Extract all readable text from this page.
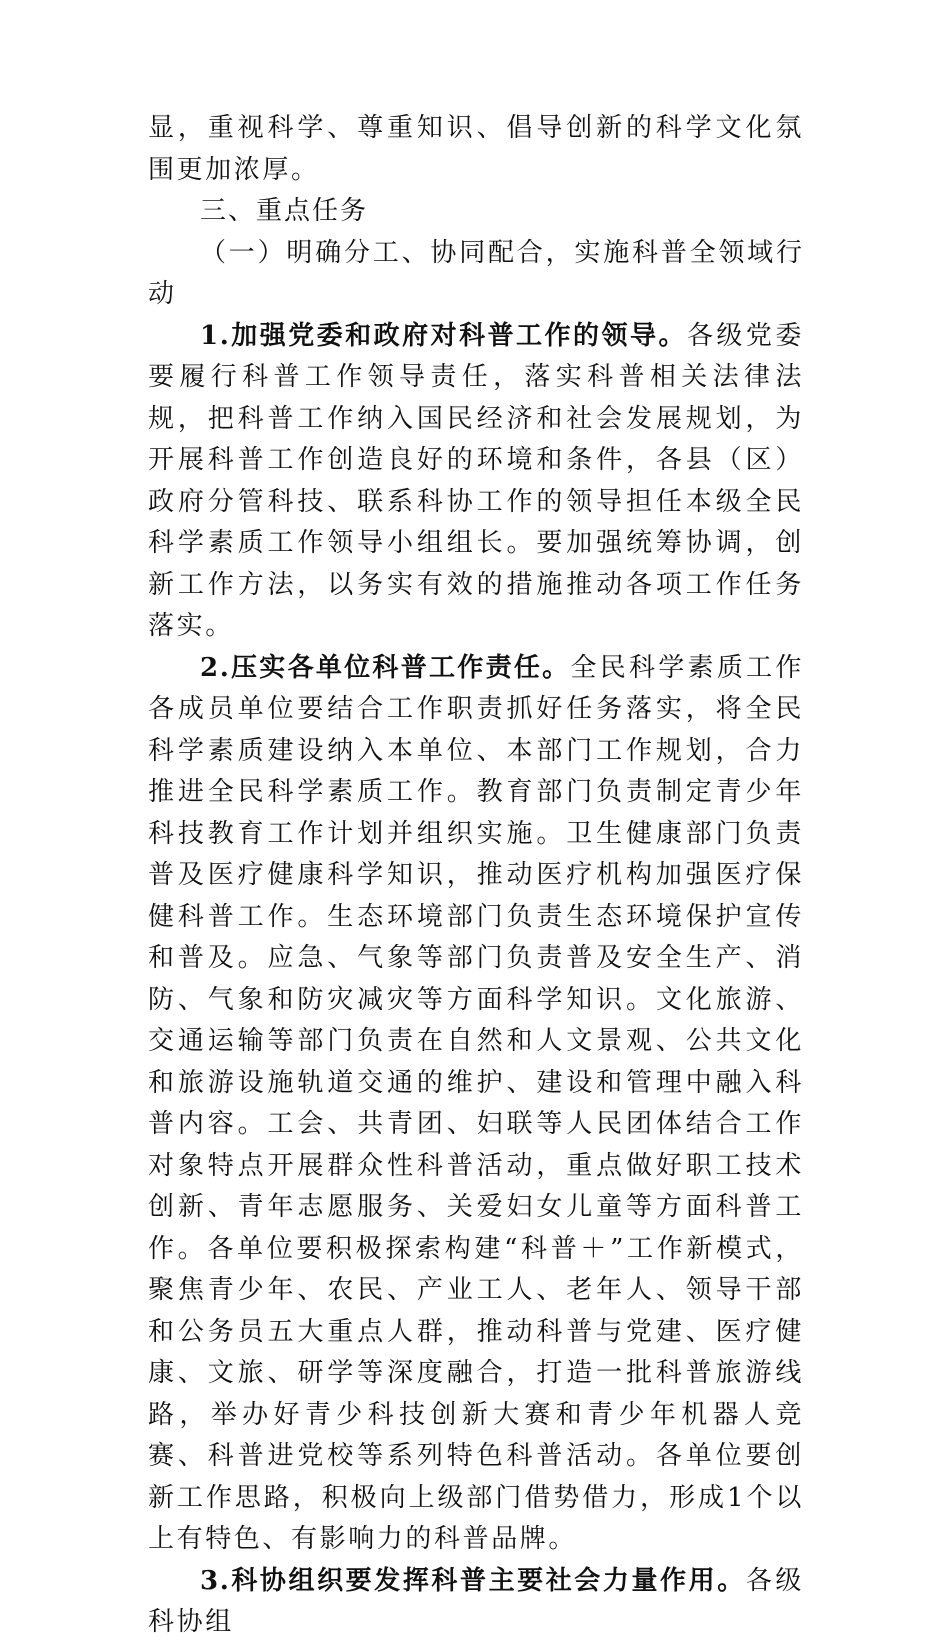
显，重视科学、尊重知识、倡导创新的科学文化氛围更加浓厚。

三、重点任务

（一）明确分工、协同配合，实施科普全领域行动

1.加强党委和政府对科普工作的领导。各级党委要履行科普工作领导责任，落实科普相关法律法规，把科普工作纳入国民经济和社会发展规划，为开展科普工作创造良好的环境和条件，各县（区）政府分管科技、联系科协工作的领导担任本级全民科学素质工作领导小组组长。要加强统筹协调，创新工作方法，以务实有效的措施推动各项工作任务落实。

2.压实各单位科普工作责任。全民科学素质工作各成员单位要结合工作职责抓好任务落实，将全民科学素质建设纳入本单位、本部门工作规划，合力推进全民科学素质工作。教育部门负责制定青少年科技教育工作计划并组织实施。卫生健康部门负责普及医疗健康科学知识，推动医疗机构加强医疗保健科普工作。生态环境部门负责生态环境保护宣传和普及。应急、气象等部门负责普及安全生产、消防、气象和防灾减灾等方面科学知识。文化旅游、交通运输等部门负责在自然和人文景观、公共文化和旅游设施轨道交通的维护、建设和管理中融入科普内容。工会、共青团、妇联等人民团体结合工作对象特点开展群众性科普活动，重点做好职工技术创新、青年志愿服务、关爱妇女儿童等方面科普工作。各单位要积极探索构建“科普＋”工作新模式，聚焦青少年、农民、产业工人、老年人、领导干部和公务员五大重点人群，推动科普与党建、医疗健康、文旅、研学等深度融合，打造一批科普旅游线路，举办好青少科技创新大赛和青少年机器人竞赛、科普进党校等系列特色科普活动。各单位要创新工作思路，积极向上级部门借势借力，形成1个以上有特色、有影响力的科普品牌。

3.科协组织要发挥科普主要社会力量作用。各级科协组
